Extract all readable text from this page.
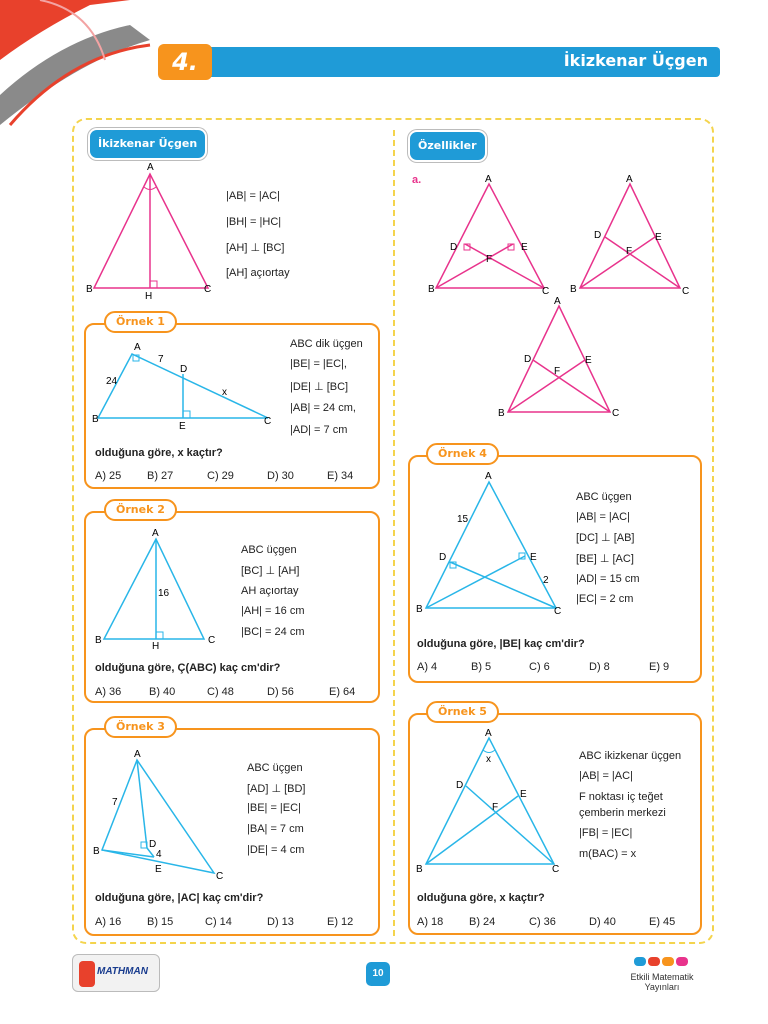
4.	İkizkenar Üçgen
İkizkenar Üçgen
A
B	C
H
|AB| = |AC|
|BH| = |HC|
[AH] ⊥ [BC]
[AH] açıortay
Örnek 1
A
B	C
D
E
24
7
x
ABC dik üçgen
|BE| = |EC|,
|DE| ⊥ [BC]
|AB| = 24 cm,
|AD| = 7 cm
olduğuna göre, x kaçtır?
A) 25 B) 27	C) 29	D) 30	E) 34
Örnek 2
A
B	C
H
16
ABC üçgen
[BC] ⊥ [AH]
AH açıortay
|AH| = 16 cm
|BC| = 24 cm
olduğuna göre, Ç(ABC) kaç cm'dir?
A) 36	B) 40	C) 48	D) 56	E) 64
Örnek 3
A
B
C
D
E
7
4
ABC üçgen
[AD] ⊥ [BD]
|BE| = |EC|
|BA| = 7 cm
|DE| = 4 cm
olduğuna göre, |AC| kaç cm'dir?
A) 16 B) 15	C) 14	D) 13	E) 12
Özellikler
a.	A
B	C
D	E
F
A
B	C
D	E
F
A
B	C
D	E
F
Örnek 4
A
B	C
D	E
15
2
ABC üçgen
|AB| = |AC|
[DC] ⊥ [AB]
[BE] ⊥ [AC]
|AD| = 15 cm
|EC| = 2 cm
olduğuna göre, |BE| kaç cm'dir?
A) 4	B) 5	C) 6	D) 8	E) 9
Örnek 5
A
B	C
D
E
F
x	ABC ikizkenar üçgen
|AB| = |AC|
F noktası iç teğet
çemberin merkezi
|FB| = |EC|
m(BAC) = x
olduğuna göre, x kaçtır?
A) 18 B) 24	C) 36	D) 40	E) 45
MATHMAN	10	Etkili Matematik
Yayınları
